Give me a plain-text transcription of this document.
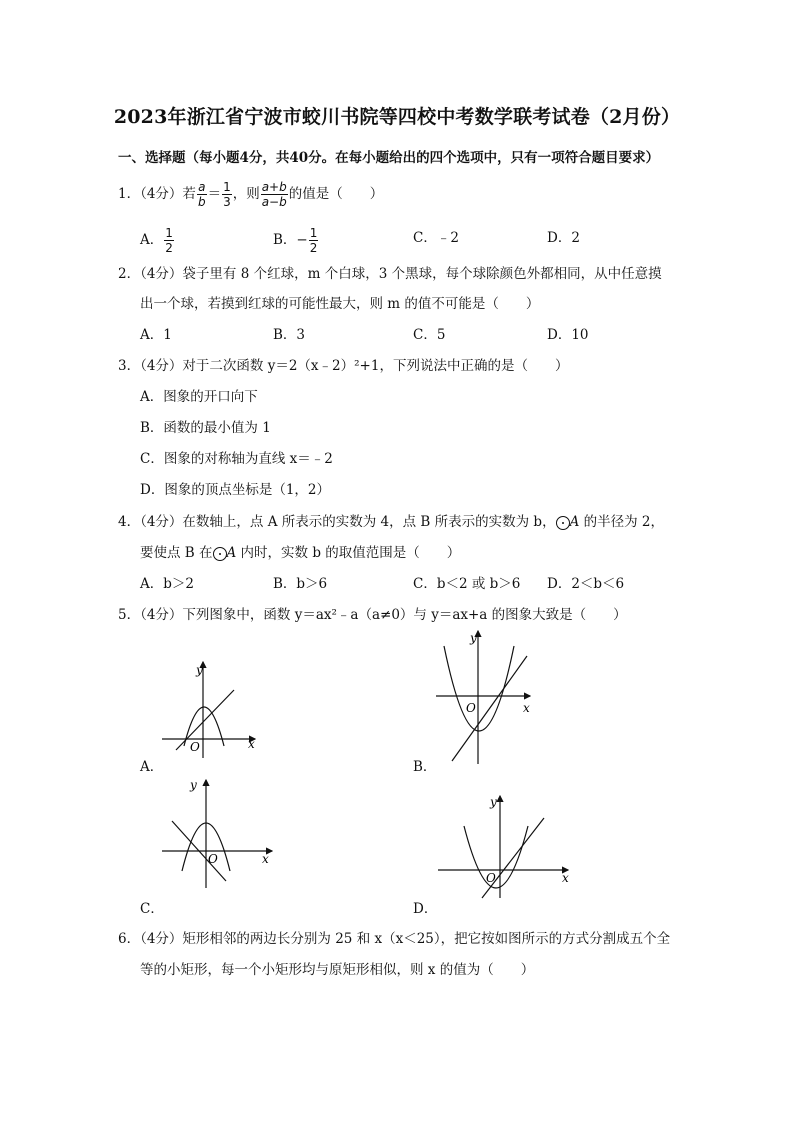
2023年浙江省宁波市蛟川书院等四校中考数学联考试卷（2月份）
一、选择题（每小题4分，共40分。在每小题给出的四个选项中，只有一项符合题目要求）
1．（4分）若 $\frac{a}{b} = \frac{1}{3}$ ，则 $\frac{a+b}{a-b}$ 的值是（　　）
A． $\frac{1}{2}$	B．− $\frac{1}{2}$	C．﹣2	D．2
2．（4分）袋子里有 8 个红球，m 个白球，3 个黑球，每个球除颜色外都相同，从中任意摸
出一个球，若摸到红球的可能性最大，则 m 的值不可能是（　　）
A．1	B．3	C．5	D．10
3．（4分）对于二次函数 y＝2（x﹣2）²+1，下列说法中正确的是（　　）
A．图象的开口向下
B．函数的最小值为 1
C．图象的对称轴为直线 x＝﹣2
D．图象的顶点坐标是（1，2）
4．（4分）在数轴上，点 A 所表示的实数为 4，点 B 所表示的实数为 b， A 的半径为 2，
要使点 B 在 A 内时，实数 b 的取值范围是（　　）
A．b＞2	B．b＞6	C．b＜2 或 b＞6 D．2＜b＜6
5．（4分）下列图象中，函数 y＝ax²﹣a（a≠0）与 y＝ax+a 的图象大致是（　　）
y
x
O
A．
y
x
O
B．
y
x
O
C．
y
x
O
D．
6．（4分）矩形相邻的两边长分别为 25 和 x（x＜25），把它按如图所示的方式分割成五个全
等的小矩形，每一个小矩形均与原矩形相似，则 x 的值为（　　）
